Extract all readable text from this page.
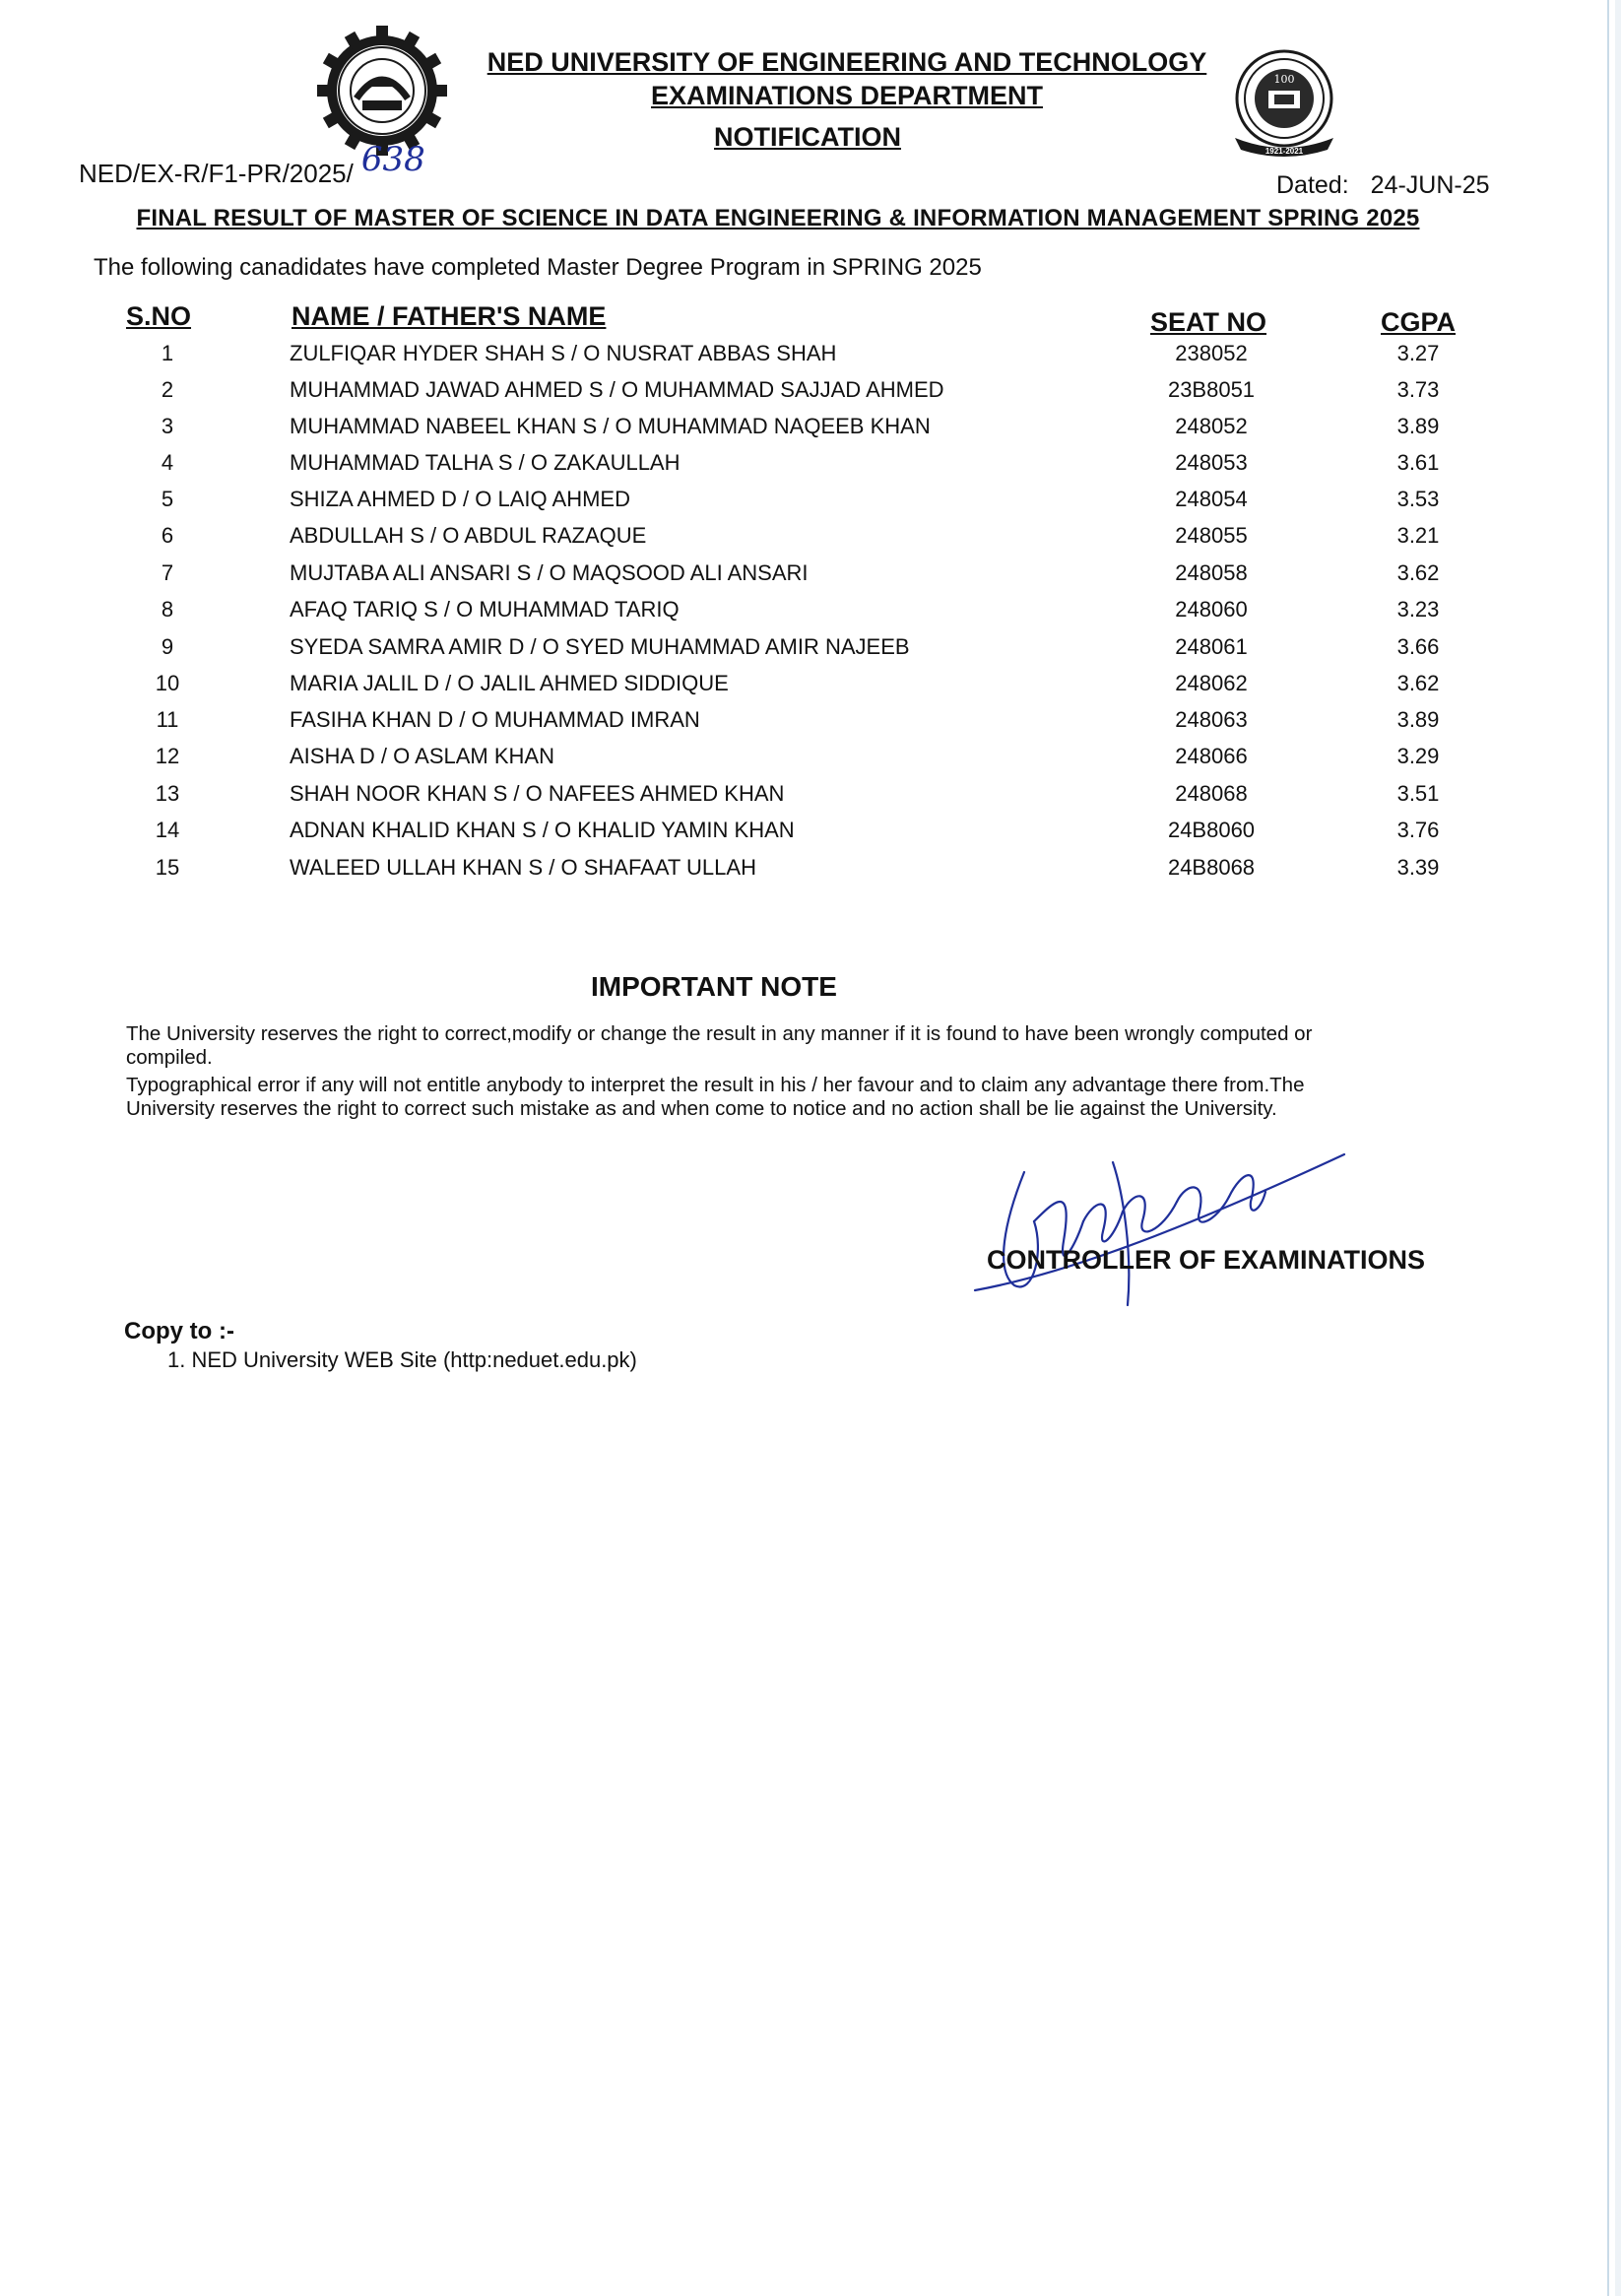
100
1921-2021
NED UNIVERSITY OF ENGINEERING AND TECHNOLOGY
EXAMINATIONS DEPARTMENT
NOTIFICATION
NED/EX-R/F1-PR/2025/ 638
Dated: 24-JUN-25
FINAL RESULT OF MASTER OF SCIENCE IN DATA ENGINEERING & INFORMATION MANAGEMENT SPRING 2025
The following canadidates have completed Master Degree Program in SPRING 2025
S.NO	NAME / FATHER'S NAME	SEAT NO	CGPA
1	ZULFIQAR HYDER SHAH S / O NUSRAT ABBAS SHAH	238052	3.27
2	MUHAMMAD JAWAD AHMED S / O MUHAMMAD SAJJAD AHMED	23B8051	3.73
3	MUHAMMAD NABEEL KHAN S / O MUHAMMAD NAQEEB KHAN	248052	3.89
4	MUHAMMAD TALHA S / O ZAKAULLAH	248053	3.61
5	SHIZA AHMED D / O LAIQ AHMED	248054	3.53
6	ABDULLAH S / O ABDUL RAZAQUE	248055	3.21
7	MUJTABA ALI ANSARI S / O MAQSOOD ALI ANSARI	248058	3.62
8	AFAQ TARIQ S / O MUHAMMAD TARIQ	248060	3.23
9	SYEDA SAMRA AMIR D / O SYED MUHAMMAD AMIR NAJEEB	248061	3.66
10	MARIA JALIL D / O JALIL AHMED SIDDIQUE	248062	3.62
11	FASIHA KHAN D / O MUHAMMAD IMRAN	248063	3.89
12	AISHA D / O ASLAM KHAN	248066	3.29
13	SHAH NOOR KHAN S / O NAFEES AHMED KHAN	248068	3.51
14	ADNAN KHALID KHAN S / O KHALID YAMIN KHAN	24B8060	3.76
15	WALEED ULLAH KHAN S / O SHAFAAT ULLAH	24B8068	3.39
IMPORTANT NOTE
The University reserves the right to correct,modify or change the result in any manner if it is found to have been wrongly computed or compiled.
Typographical error if any will not entitle anybody to interpret the result in his / her favour and to claim any advantage there from.The University reserves the right to correct such mistake as and when come to notice and no action shall be lie against the University.
CONTROLLER OF EXAMINATIONS
Copy to :-
1. NED University WEB Site (http:neduet.edu.pk)
